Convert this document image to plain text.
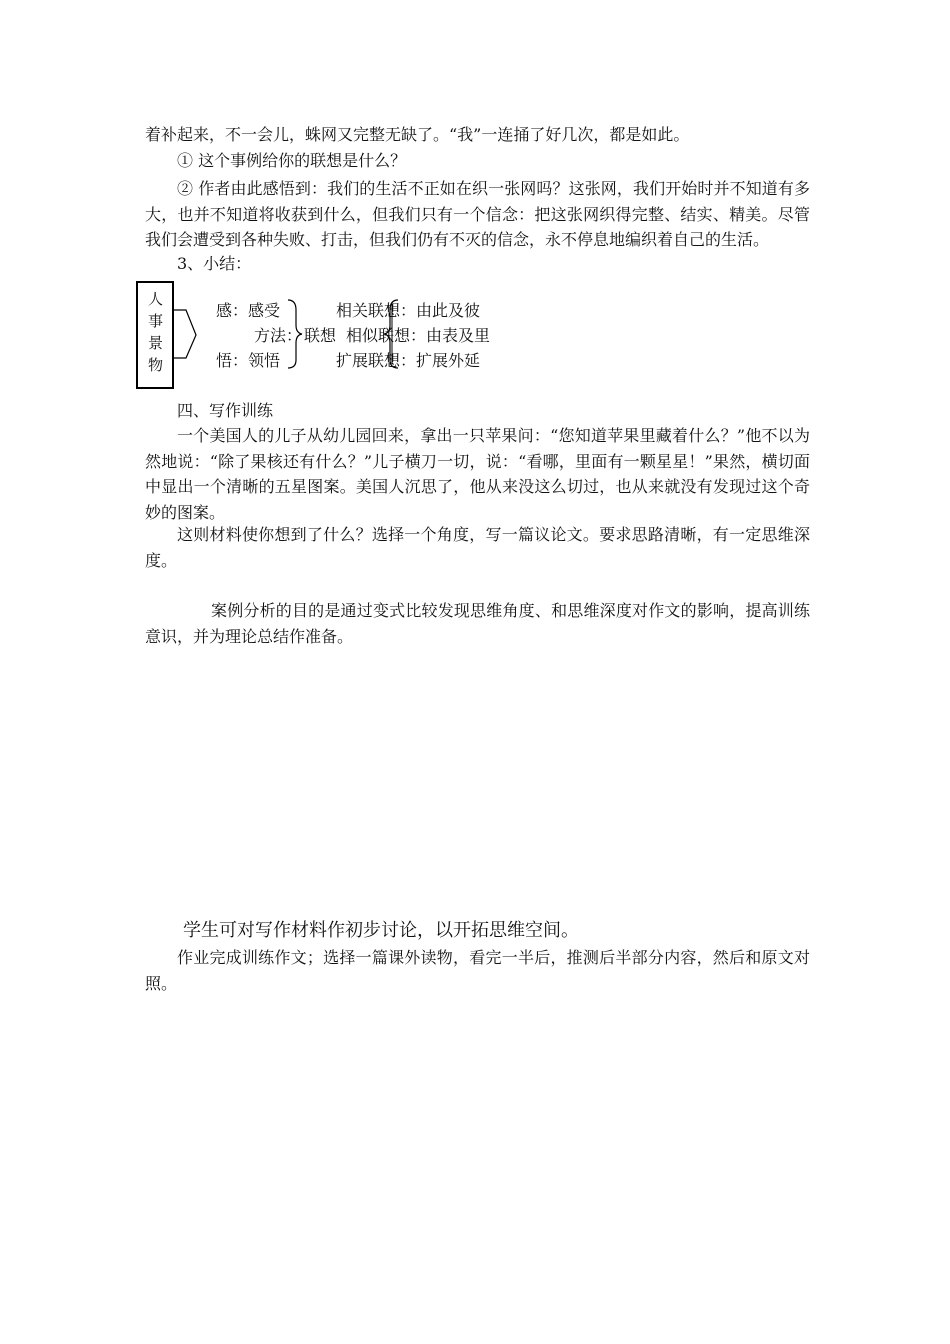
着补起来，不一会儿，蛛网又完整无缺了。“我”一连捅了好几次，都是如此。
① 这个事例给你的联想是什么？
② 作者由此感悟到：我们的生活不正如在织一张网吗？这张网，我们开始时并不知道有多大，也并不知道将收获到什么，但我们只有一个信念：把这张网织得完整、结实、精美。尽管我们会遭受到各种失败、打击，但我们仍有不灭的信念，永不停息地编织着自己的生活。
3、小结：
人
事
景
物
感：感受
方法：
悟：领悟
联想
相关联想：由此及彼
相似联想：由表及里
扩展联想：扩展外延
四、写作训练
一个美国人的儿子从幼儿园回来，拿出一只苹果问：“您知道苹果里藏着什么？”他不以为然地说：“除了果核还有什么？”儿子横刀一切，说：“看哪，里面有一颗星星！”果然，横切面中显出一个清晰的五星图案。美国人沉思了，他从来没这么切过，也从来就没有发现过这个奇妙的图案。
这则材料使你想到了什么？选择一个角度，写一篇议论文。要求思路清晰，有一定思维深度。
案例分析的目的是通过变式比较发现思维角度、和思维深度对作文的影响，提高训练意识，并为理论总结作准备。
学生可对写作材料作初步讨论，以开拓思维空间。
作业完成训练作文；选择一篇课外读物，看完一半后，推测后半部分内容，然后和原文对照。
